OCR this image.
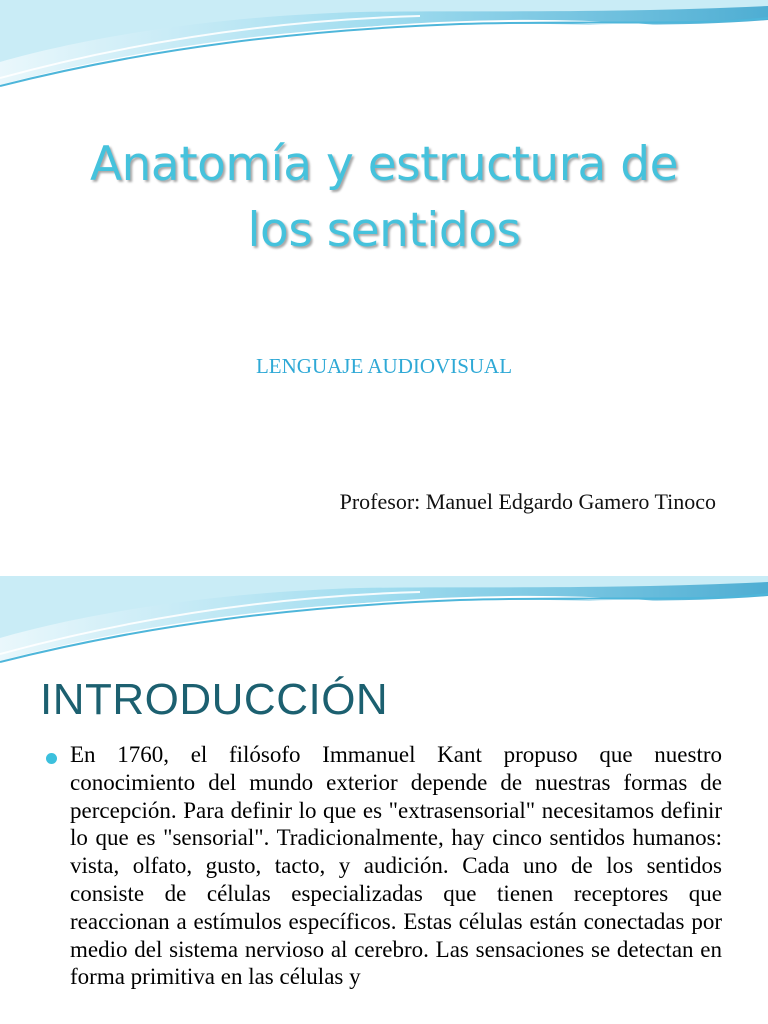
Anatomía y estructura de
los sentidos
LENGUAJE AUDIOVISUAL
Profesor: Manuel Edgardo Gamero Tinoco
INTRODUCCIÓN

En 1760, el filósofo Immanuel Kant propuso que nuestro conocimiento del mundo exterior depende de nuestras formas de percepción. Para definir lo que es "extrasensorial" necesitamos definir lo que es "sensorial". Tradicionalmente, hay cinco sentidos humanos: vista, olfato, gusto, tacto, y audición. Cada uno de los sentidos consiste de células especializadas que tienen receptores que reaccionan a estímulos específicos. Estas células están conectadas por medio del sistema nervioso al cerebro. Las sensaciones se detectan en forma primitiva en las células y
